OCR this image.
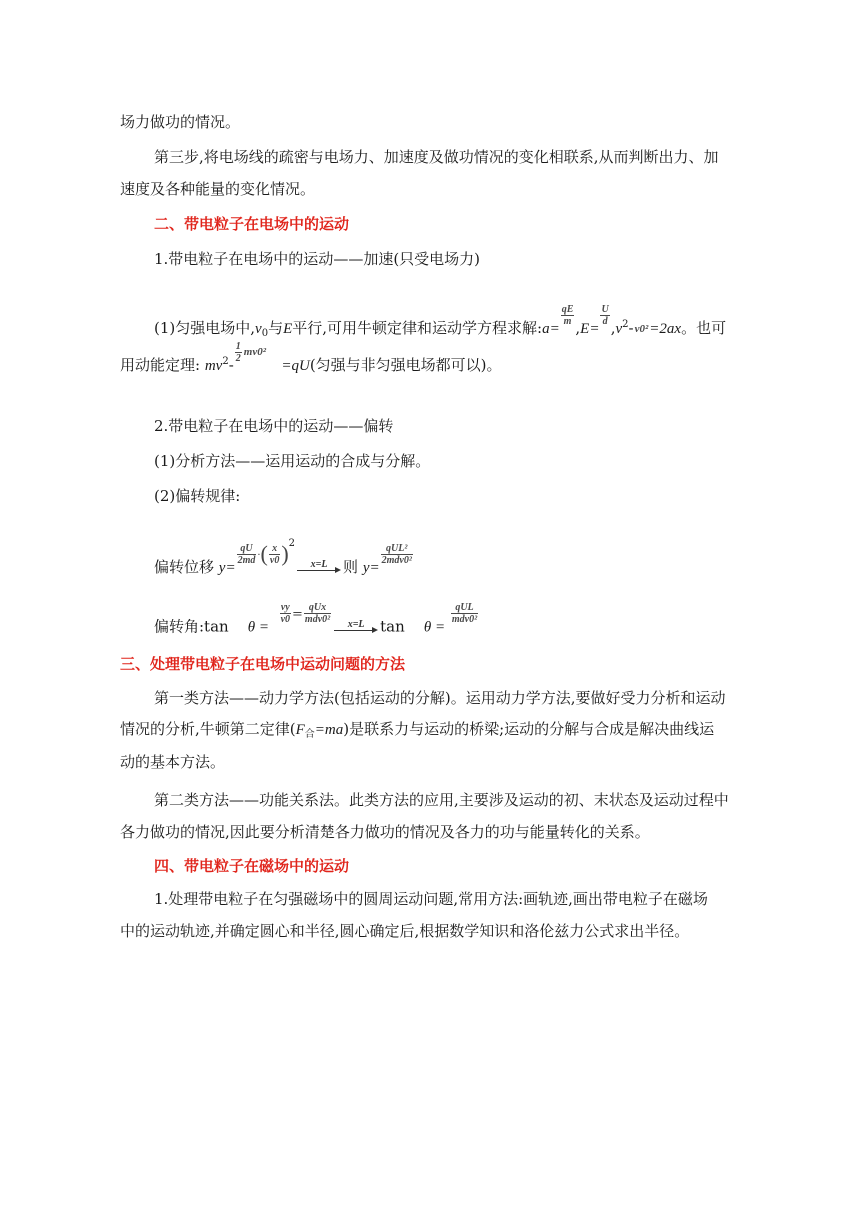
场力做功的情况。
第三步,将电场线的疏密与电场力、加速度及做功情况的变化相联系,从而判断出力、加
速度及各种能量的变化情况。
二、带电粒子在电场中的运动
1.带电粒子在电场中的运动——加速(只受电场力)
(1)匀强电场中$,v_0$与E平行,可用牛顿定律和运动学方程求解:a=
$\frac{qE}{m}$
,E=
$\frac{U}{d}$
$,v^2-v0^2=2ax$。也可
用动能定理: $mv^2-$
$\frac{1}{2} mv0^2 =qU$(匀强与非匀强电场都可以)。
2.带电粒子在电场中的运动——偏转
(1)分析方法——运用运动的合成与分解。
(2)偏转规律:
偏转位移 y=
$\frac{qU}{2md} ^\cdot( \frac{x}{v0} )^2$
x=L	则 y=
$\frac{\text{qUL²}}{\text{2mdv0²}}$
偏转角:tan θ =
$\frac{vy}{v0} = \frac{\text{qUx}}{\text{mdv0²}}$	x=L	tan θ =
$\frac{\text{qUL}}{\text{mdv0²}}$
三、处理带电粒子在电场中运动问题的方法
第一类方法——动力学方法(包括运动的分解)。运用动力学方法,要做好受力分析和运动
情况的分析,牛顿第二定律$(F_合=ma)$是联系力与运动的桥梁;运动的分解与合成是解决曲线运
动的基本方法。
第二类方法——功能关系法。此类方法的应用,主要涉及运动的初、末状态及运动过程中
各力做功的情况,因此要分析清楚各力做功的情况及各力的功与能量转化的关系。
四、带电粒子在磁场中的运动
1.处理带电粒子在匀强磁场中的圆周运动问题,常用方法:画轨迹,画出带电粒子在磁场
中的运动轨迹,并确定圆心和半径,圆心确定后,根据数学知识和洛伦兹力公式求出半径。
